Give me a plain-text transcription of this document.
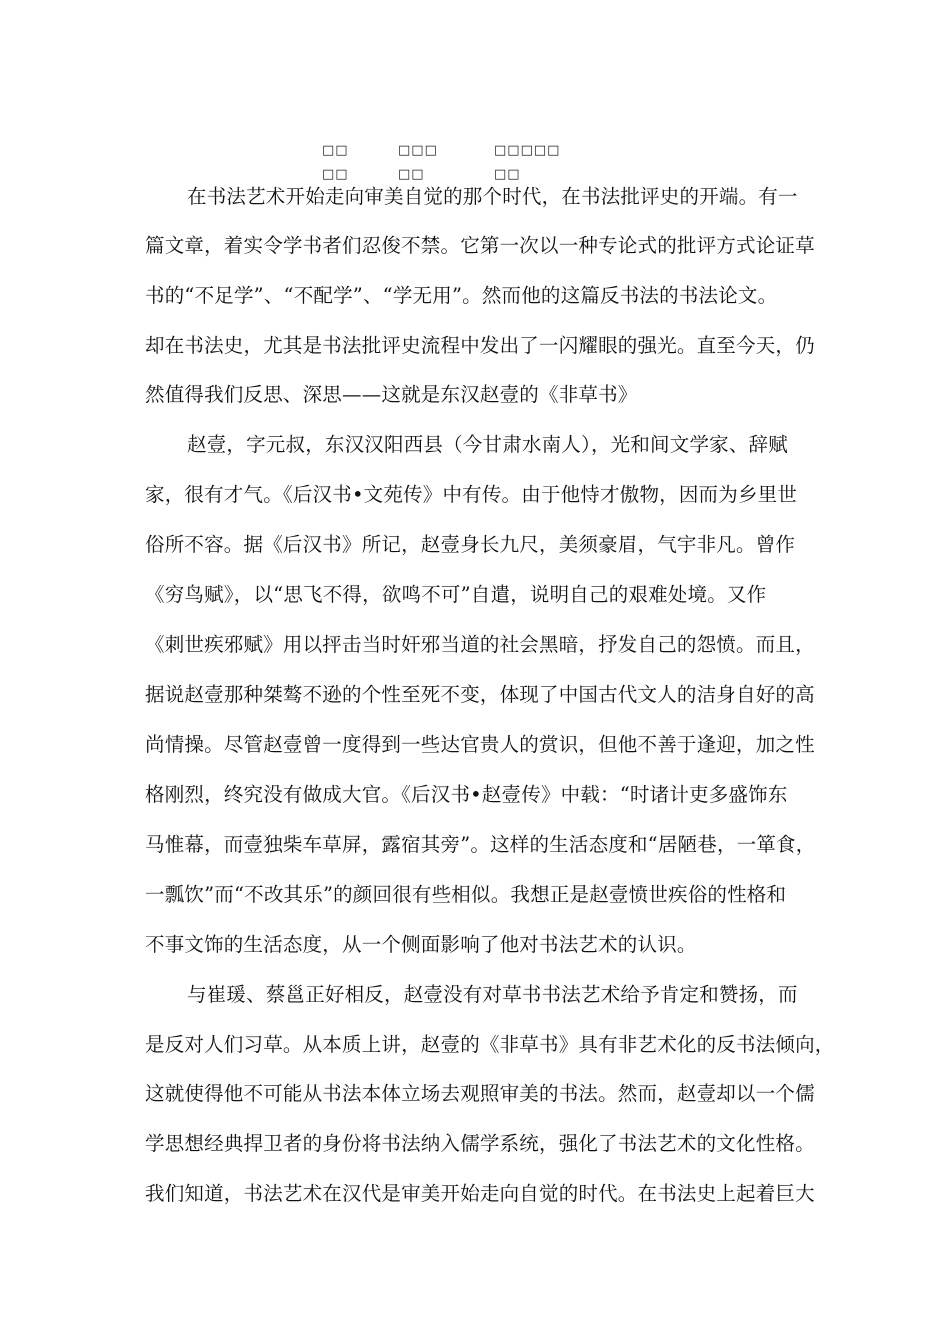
□□	□□□	□□□□□
□□	□□	□□
在书法艺术开始走向审美自觉的那个时代，在书法批评史的开端。有一
篇文章，着实令学书者们忍俊不禁。它第一次以一种专论式的批评方式论证草
书的“不足学”、“不配学”、“学无用”。然而他的这篇反书法的书法论文。
却在书法史，尤其是书法批评史流程中发出了一闪耀眼的强光。直至今天，仍
然值得我们反思、深思——这就是东汉赵壹的《非草书》
赵壹，字元叔，东汉汉阳西县（今甘肃水南人），光和间文学家、辞赋
家，很有才气。《后汉书•文苑传》中有传。由于他恃才傲物，因而为乡里世
俗所不容。据《后汉书》所记，赵壹身长九尺，美须豪眉，气宇非凡。曾作
《穷鸟赋》，以“思飞不得，欲鸣不可”自遣，说明自己的艰难处境。又作
《刺世疾邪赋》用以抨击当时奸邪当道的社会黑暗，抒发自己的怨愤。而且，
据说赵壹那种桀骜不逊的个性至死不变，体现了中国古代文人的洁身自好的高
尚情操。尽管赵壹曾一度得到一些达官贵人的赏识，但他不善于逢迎，加之性
格刚烈，终究没有做成大官。《后汉书•赵壹传》中载：“时诸计吏多盛饰东
马惟幕，而壹独柴车草屏，露宿其旁”。这样的生活态度和“居陋巷，一箪食，
一瓢饮”而“不改其乐”的颜回很有些相似。我想正是赵壹愤世疾俗的性格和
不事文饰的生活态度，从一个侧面影响了他对书法艺术的认识。
与崔瑗、蔡邕正好相反，赵壹没有对草书书法艺术给予肯定和赞扬，而
是反对人们习草。从本质上讲，赵壹的《非草书》具有非艺术化的反书法倾向，
这就使得他不可能从书法本体立场去观照审美的书法。然而，赵壹却以一个儒
学思想经典捍卫者的身份将书法纳入儒学系统，强化了书法艺术的文化性格。
我们知道，书法艺术在汉代是审美开始走向自觉的时代。在书法史上起着巨大
